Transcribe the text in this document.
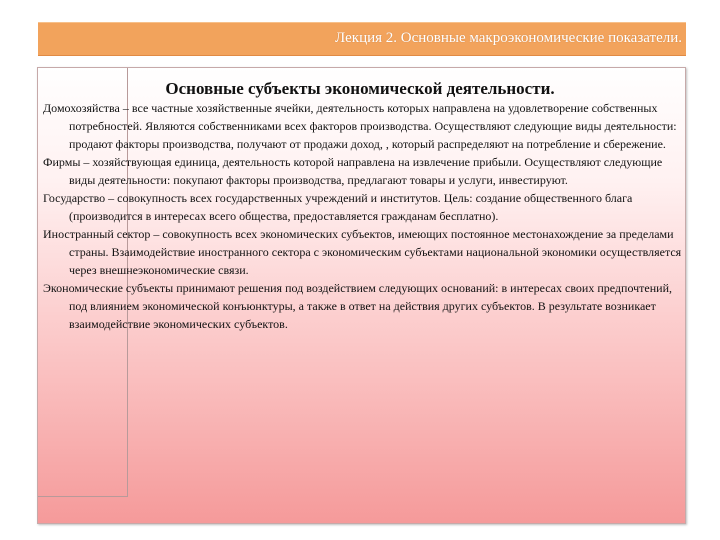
Лекция 2. Основные макроэкономические показатели.
Основные субъекты экономической деятельности.

Домохозяйства – все частные хозяйственные ячейки, деятельность которых направлена на удовлетворение собственных потребностей. Являются собственниками всех факторов производства. Осуществляют следующие виды деятельности: продают факторы производства, получают от продажи доход, , который распределяют на потребление и сбережение.

Фирмы – хозяйствующая единица, деятельность которой направлена на извлечение прибыли. Осуществляют следующие виды деятельности: покупают факторы производства, предлагают товары и услуги, инвестируют.

Государство – совокупность всех государственных учреждений и институтов. Цель: создание общественного блага (производится в интересах всего общества, предоставляется гражданам бесплатно).

Иностранный сектор – совокупность всех экономических субъектов, имеющих постоянное местонахождение за пределами страны. Взаимодействие иностранного сектора с экономическим субъектами национальной экономики осуществляется через внешнеэкономические связи.

Экономические субъекты принимают решения под воздействием следующих оснований: в интересах своих предпочтений, под влиянием экономической конъюнктуры, а также в ответ на действия других субъектов. В результате возникает взаимодействие экономических субъектов.
